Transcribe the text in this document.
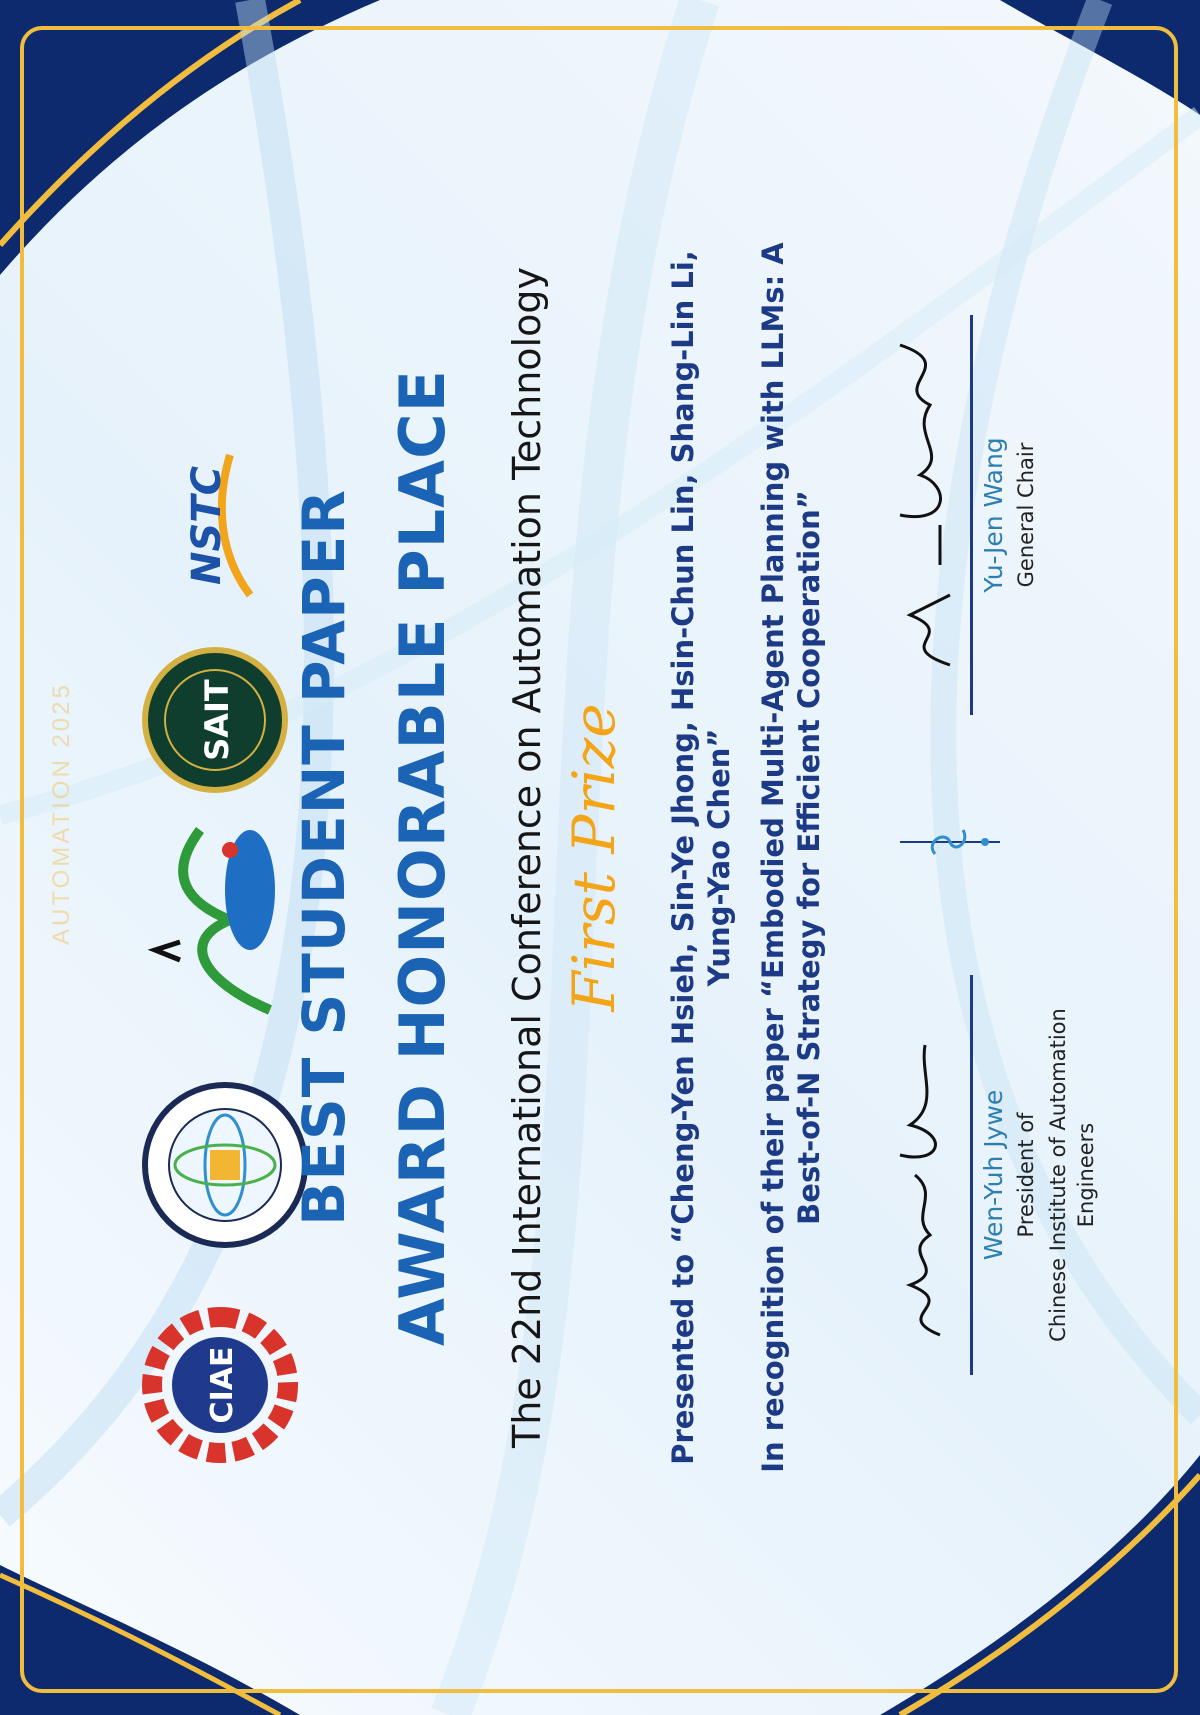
AUTOMATION 2025
CIAE
SAIT
NSTC BEST STUDENT PAPER AWARD HONORABLE PLACE The 22nd International Conference on Automation Technology First Prize Presented to “Cheng-Yen Hsieh, Sin-Ye Jhong, Hsin-Chun Lin, Shang-Lin Li, Yung-Yao Chen” In recognition of their paper “Embodied Multi-Agent Planning with LLMs: A Best-of-N Strategy for Efficient Cooperation”	Wen-Yuh Jywe President of Chinese Institute of Automation Engineers
Yu-Jen Wang General Chair
